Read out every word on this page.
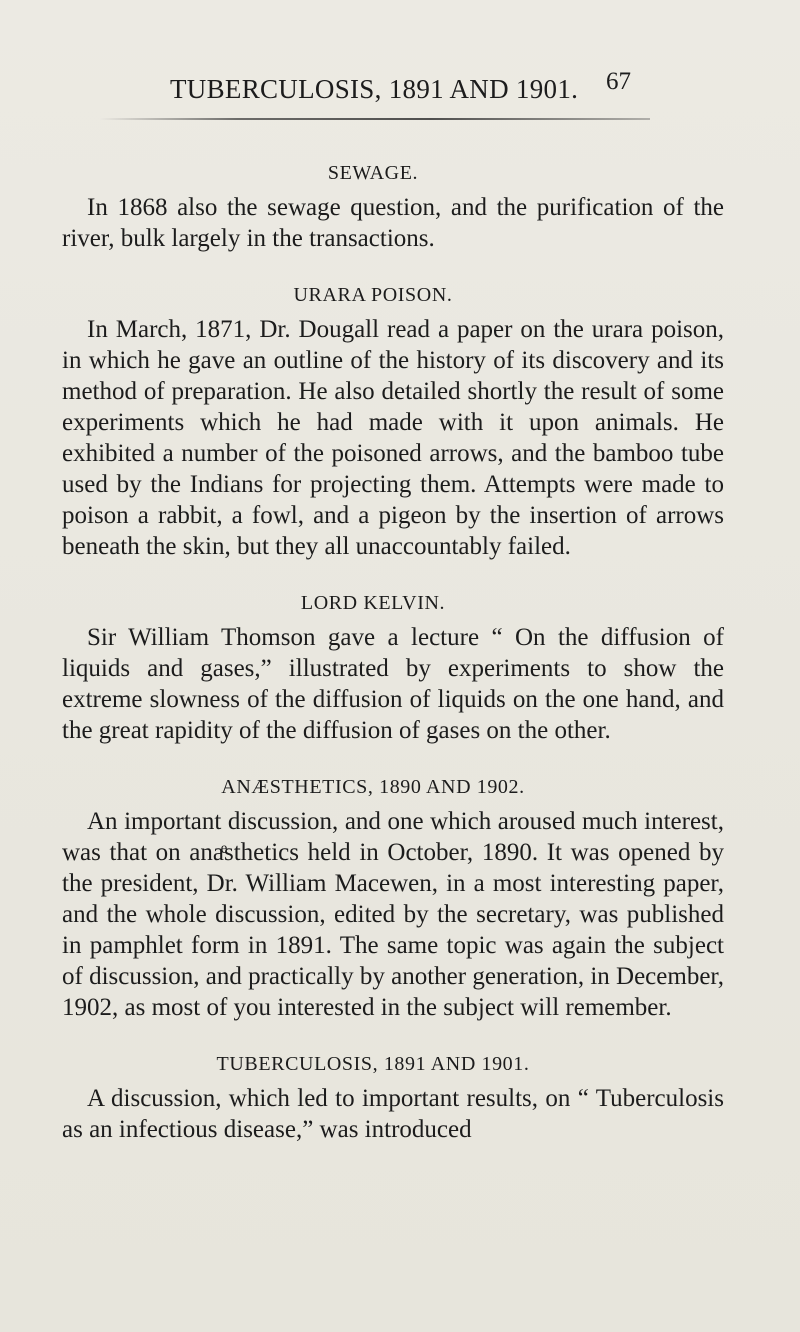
TUBERCULOSIS, 1891 AND 1901. 67
SEWAGE.

In 1868 also the sewage question, and the purification of the river, bulk largely in the transactions.

URARA POISON.

In March, 1871, Dr. Dougall read a paper on the urara poison, in which he gave an outline of the history of its discovery and its method of preparation. He also detailed shortly the result of some experiments which he had made with it upon animals. He exhibited a number of the poisoned arrows, and the bamboo tube used by the Indians for projecting them. Attempts were made to poison a rabbit, a fowl, and a pigeon by the insertion of arrows beneath the skin, but they all unaccountably failed.

LORD KELVIN.

Sir William Thomson gave a lecture “ On the diffusion of liquids and gases,” illustrated by experiments to show the extreme slowness of the diffusion of liquids on the one hand, and the great rapidity of the diffusion of gases on the other.

ANÆSTHETICS, 1890 AND 1902.

An important discussion, and one which aroused much interest, was that on anaͤsthetics held in October, 1890. It was opened by the president, Dr. William Macewen, in a most interesting paper, and the whole discussion, edited by the secretary, was published in pamphlet form in 1891. The same topic was again the subject of discussion, and practically by another generation, in December, 1902, as most of you interested in the subject will remember.

TUBERCULOSIS, 1891 AND 1901.

A discussion, which led to important results, on “ Tuberculosis as an infectious disease,” was introduced
